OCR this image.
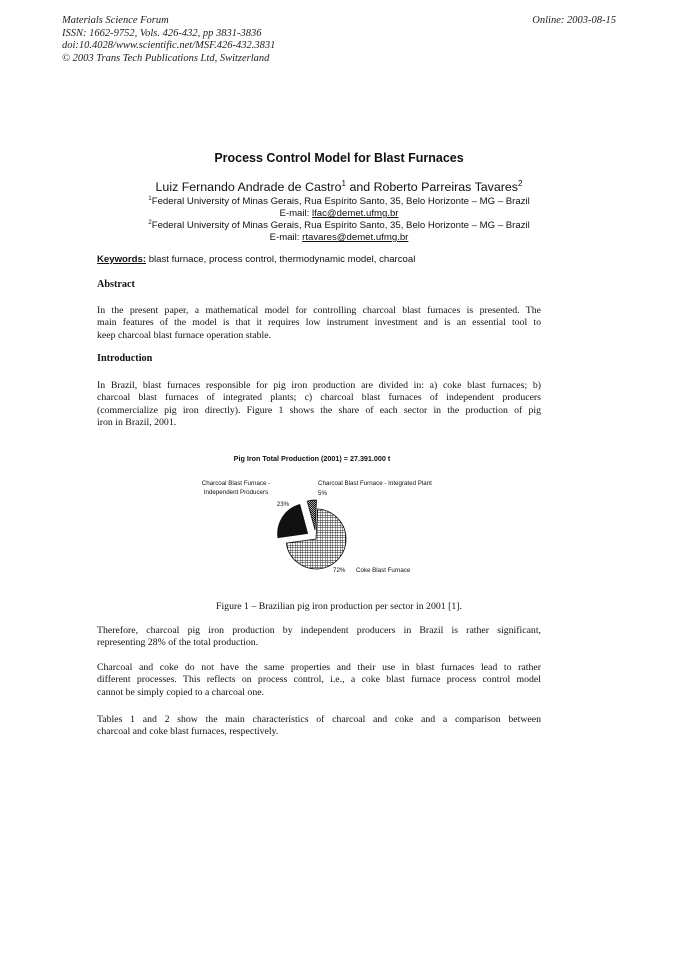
Materials Science Forum
ISSN: 1662-9752, Vols. 426-432, pp 3831-3836
doi:10.4028/www.scientific.net/MSF.426-432.3831
© 2003 Trans Tech Publications Ltd, Switzerland
Online: 2003-08-15
Process Control Model for Blast Furnaces
Luiz Fernando Andrade de Castro$^1$ and Roberto Parreiras Tavares$^2$
$^1$Federal University of Minas Gerais, Rua Espírito Santo, 35, Belo Horizonte – MG – Brazil
E-mail: lfac@demet.ufmg.br
$^2$Federal University of Minas Gerais, Rua Espírito Santo, 35, Belo Horizonte – MG – Brazil
E-mail: rtavares@demet.ufmg.br
Keywords: blast furnace, process control, thermodynamic model, charcoal
Abstract
In the present paper, a mathematical model for controlling charcoal blast furnaces is presented. The
main features of the model is that it requires low instrument investment and is an essential tool to
keep charcoal blast furnace operation stable.
Introduction
In Brazil, blast furnaces responsible for pig iron production are divided in: a) coke blast furnaces; b)
charcoal blast furnaces of integrated plants; c) charcoal blast furnaces of independent producers
(commercialize pig iron directly). Figure 1 shows the share of each sector in the production of pig
iron in Brazil, 2001.
Pig Iron Total Production (2001) = 27.391.000 t
Charcoal Blast Furnace -
Independent Producers
23%
Charcoal Blast Furnace - Integrated Plant
5%
72% Coke Blast Furnace
Figure 1 – Brazilian pig iron production per sector in 2001 [1].
Therefore, charcoal pig iron production by independent producers in Brazil is rather significant,
representing 28% of the total production.
Charcoal and coke do not have the same properties and their use in blast furnaces lead to rather
different processes. This reflects on process control, i.e., a coke blast furnace process control model
cannot be simply copied to a charcoal one.
Tables 1 and 2 show the main characteristics of charcoal and coke and a comparison between
charcoal and coke blast furnaces, respectively.
